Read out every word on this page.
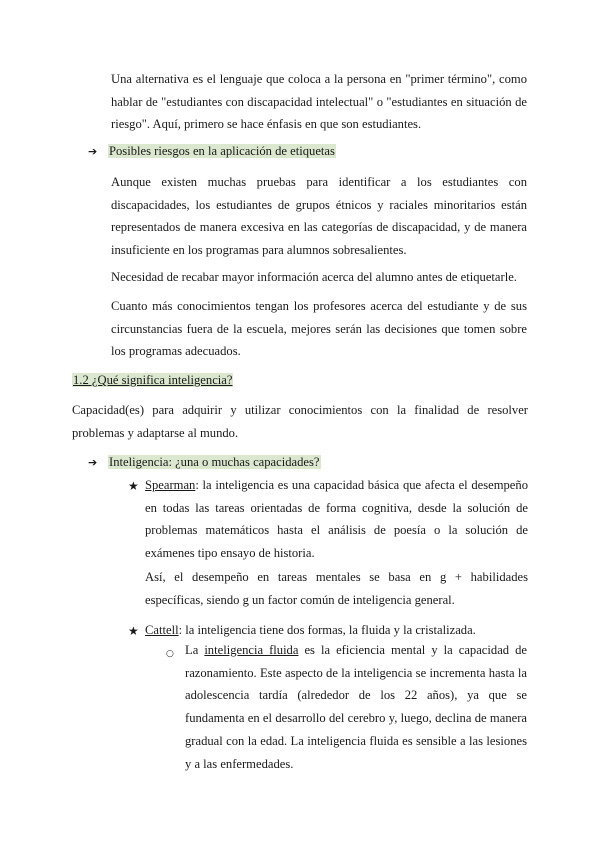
Una alternativa es el lenguaje que coloca a la persona en "primer término", como hablar de "estudiantes con discapacidad intelectual" o "estudiantes en situación de riesgo". Aquí, primero se hace énfasis en que son estudiantes.

➔ Posibles riesgos en la aplicación de etiquetas

Aunque existen muchas pruebas para identificar a los estudiantes con discapacidades, los estudiantes de grupos étnicos y raciales minoritarios están representados de manera excesiva en las categorías de discapacidad, y de manera insuficiente en los programas para alumnos sobresalientes.

Necesidad de recabar mayor información acerca del alumno antes de etiquetarle.

Cuanto más conocimientos tengan los profesores acerca del estudiante y de sus circunstancias fuera de la escuela, mejores serán las decisiones que tomen sobre los programas adecuados.

1.2 ¿Qué significa inteligencia?

Capacidad(es) para adquirir y utilizar conocimientos con la finalidad de resolver problemas y adaptarse al mundo.

➔ Inteligencia: ¿una o muchas capacidades?

★ Spearman: la inteligencia es una capacidad básica que afecta el desempeño en todas las tareas orientadas de forma cognitiva, desde la solución de problemas matemáticos hasta el análisis de poesía o la solución de exámenes tipo ensayo de historia.

Así, el desempeño en tareas mentales se basa en g + habilidades específicas, siendo g un factor común de inteligencia general.

★ Cattell: la inteligencia tiene dos formas, la fluida y la cristalizada.

○ La inteligencia fluida es la eficiencia mental y la capacidad de razonamiento. Este aspecto de la inteligencia se incrementa hasta la adolescencia tardía (alrededor de los 22 años), ya que se fundamenta en el desarrollo del cerebro y, luego, declina de manera gradual con la edad. La inteligencia fluida es sensible a las lesiones y a las enfermedades.
